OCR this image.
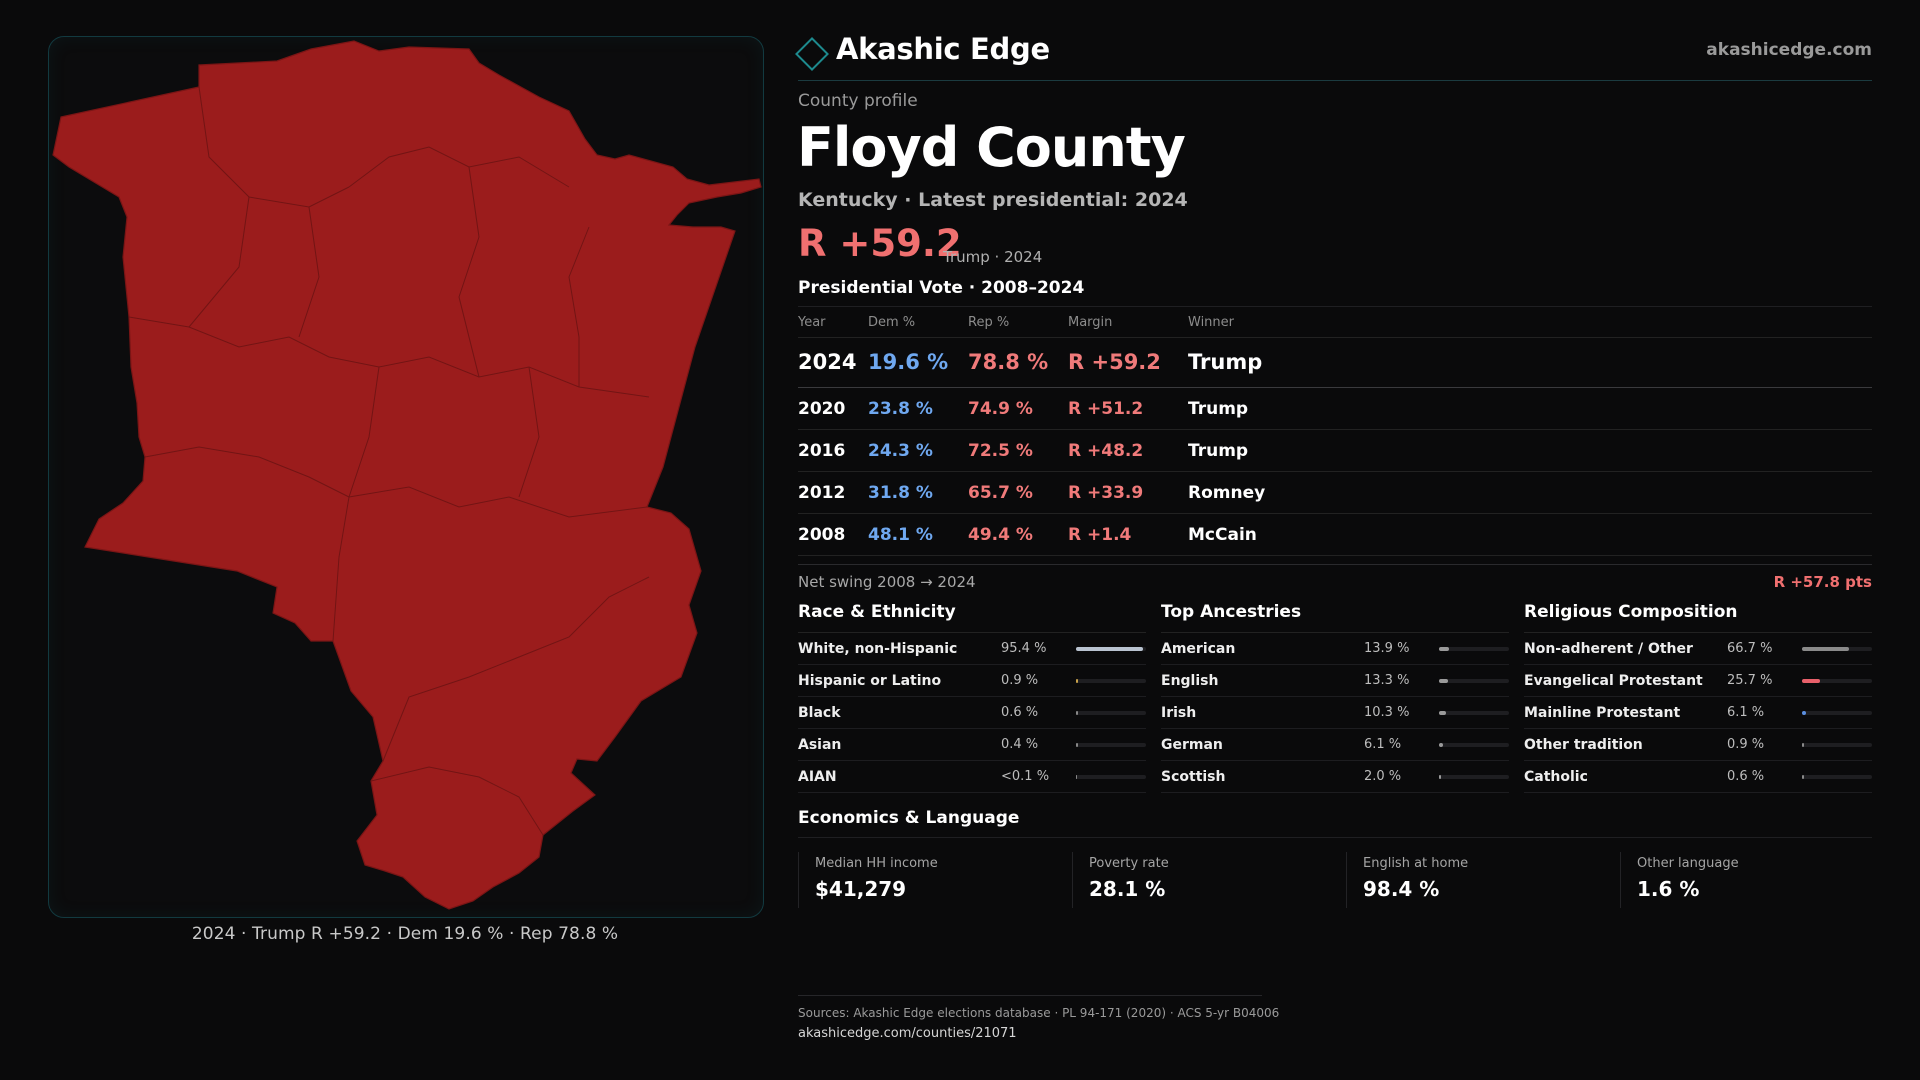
2024 · Trump R +59.2 · Dem 19.6 % · Rep 78.8 %
Akashic Edge	akashicedge.com
County profile
Floyd County
Kentucky · Latest presidential: 2024
R +59.2
Trump · 2024
Presidential Vote · 2008–2024
Year	Dem %	Rep %	Margin	Winner
2024 19.6 % 78.8 % R +59.2 Trump
2020 23.8 % 74.9 % R +51.2	Trump
2016 24.3 % 72.5 % R +48.2	Trump
2012 31.8 % 65.7 % R +33.9	Romney
2008 48.1 % 49.4 % R +1.4	McCain
Net swing 2008 → 2024	R +57.8 pts
Race & Ethnicity
White, non-Hispanic	95.4 %
Hispanic or Latino	0.9 %
Black	0.6 %
Asian	0.4 %
AIAN	<0.1 %
Top Ancestries
American	13.9 %
English	13.3 %
Irish	10.3 %
German	6.1 %
Scottish	2.0 %
Religious Composition
Non-adherent / Other	66.7 %
Evangelical Protestant 25.7 %
Mainline Protestant	6.1 %
Other tradition	0.9 %
Catholic	0.6 %
Economics & Language
Median HH income
$41,279
Poverty rate
28.1 %
English at home
98.4 %
Other language
1.6 %
Sources: Akashic Edge elections database · PL 94-171 (2020) · ACS 5-yr B04006
akashicedge.com/counties/21071
